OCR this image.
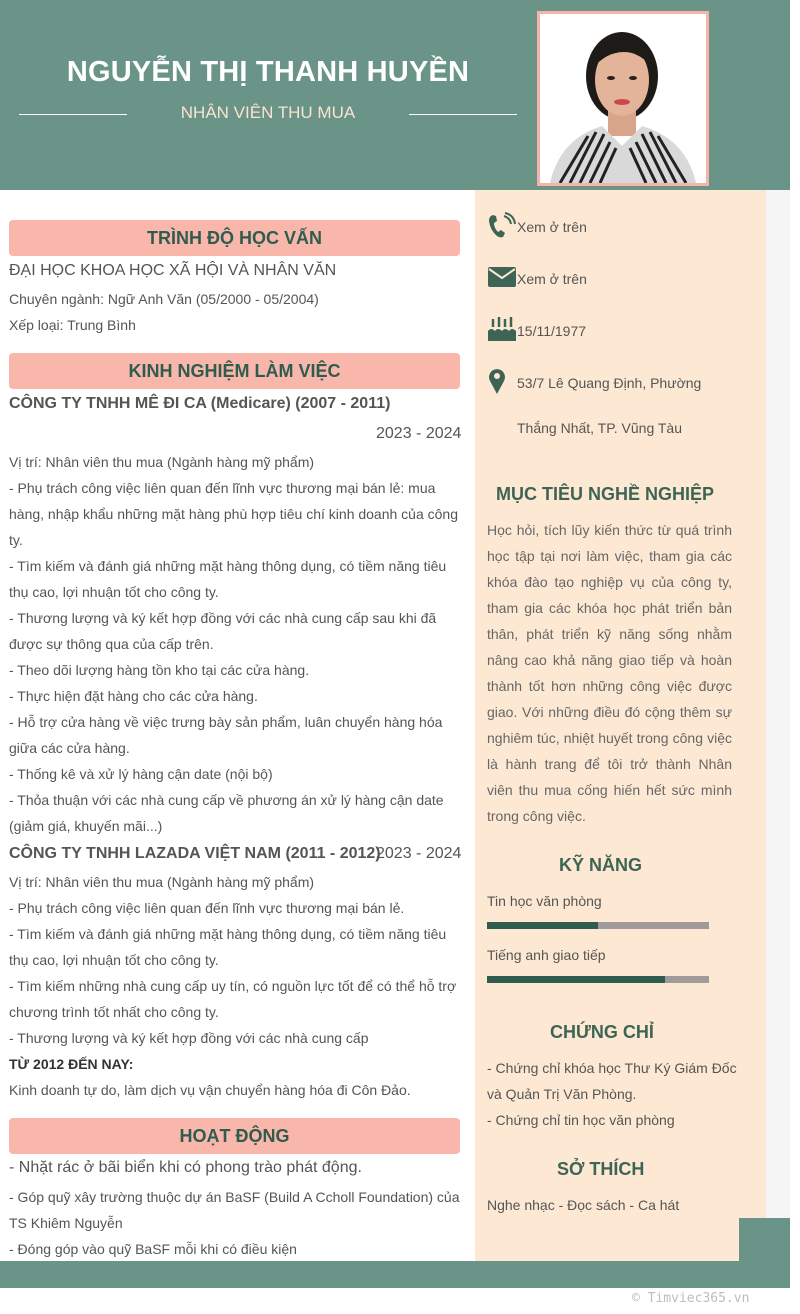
NGUYỄN THỊ THANH HUYỀN
NHÂN VIÊN THU MUA
© Timviec365.vn
TRÌNH ĐỘ HỌC VẤN
ĐẠI HỌC KHOA HỌC XÃ HỘI VÀ NHÂN VĂN
Chuyên ngành: Ngữ Anh Văn (05/2000 - 05/2004)
Xếp loại: Trung Bình
KINH NGHIỆM LÀM VIỆC
CÔNG TY TNHH MÊ ĐI CA (Medicare) (2007 - 2011)
2023 - 2024
Vị trí: Nhân viên thu mua (Ngành hàng mỹ phẩm)
- Phụ trách công việc liên quan đến lĩnh vực thương mại bán lẻ: mua
hàng, nhập khẩu những mặt hàng phù hợp tiêu chí kinh doanh của công
ty.
- Tìm kiếm và đánh giá những mặt hàng thông dụng, có tiềm năng tiêu
thụ cao, lợi nhuận tốt cho công ty.
- Thương lượng và ký kết hợp đồng với các nhà cung cấp sau khi đã
được sự thông qua của cấp trên.
- Theo dõi lượng hàng tồn kho tại các cửa hàng.
- Thực hiện đặt hàng cho các cửa hàng.
- Hỗ trợ cửa hàng về việc trưng bày sản phẩm, luân chuyển hàng hóa
giữa các cửa hàng.
- Thống kê và xử lý hàng cận date (nội bộ)
- Thỏa thuận với các nhà cung cấp về phương án xử lý hàng cận date
(giảm giá, khuyến mãi...)
CÔNG TY TNHH LAZADA VIỆT NAM (2011 - 2012)
2023 - 2024
Vị trí: Nhân viên thu mua (Ngành hàng mỹ phẩm)
- Phụ trách công việc liên quan đến lĩnh vực thương mại bán lẻ.
- Tìm kiếm và đánh giá những mặt hàng thông dụng, có tiềm năng tiêu
thụ cao, lợi nhuận tốt cho công ty.
- Tìm kiếm những nhà cung cấp uy tín, có nguồn lực tốt để có thể hỗ trợ
chương trình tốt nhất cho công ty.
- Thương lượng và ký kết hợp đồng với các nhà cung cấp
TỪ 2012 ĐẾN NAY:
Kinh doanh tự do, làm dịch vụ vận chuyển hàng hóa đi Côn Đảo.
HOẠT ĐỘNG
- Nhặt rác ở bãi biển khi có phong trào phát động.
- Góp quỹ xây trường thuộc dự án BaSF (Build A Ccholl Foundation) của
TS Khiêm Nguyễn
- Đóng góp vào quỹ BaSF mỗi khi có điều kiện
Xem ở trên
Xem ở trên
15/11/1977
53/7 Lê Quang Định, Phường
Thắng Nhất, TP. Vũng Tàu
MỤC TIÊU NGHỀ NGHIỆP
Học hỏi, tích lũy kiến thức từ quá trình học tập tại nơi làm việc, tham gia các khóa đào tạo nghiệp vụ của công ty, tham gia các khóa học phát triển bản thân, phát triển kỹ năng sống nhằm nâng cao khả năng giao tiếp và hoàn thành tốt hơn những công việc được giao. Với những điều đó cộng thêm sự nghiêm túc, nhiệt huyết trong công việc là hành trang để tôi trở thành Nhân viên thu mua cống hiến hết sức mình trong công việc.
KỸ NĂNG
Tin học văn phòng
Tiếng anh giao tiếp
CHỨNG CHỈ
- Chứng chỉ khóa học Thư Ký Giám Đốc
và Quản Trị Văn Phòng.
- Chứng chỉ tin học văn phòng
SỞ THÍCH
Nghe nhạc - Đọc sách - Ca hát
